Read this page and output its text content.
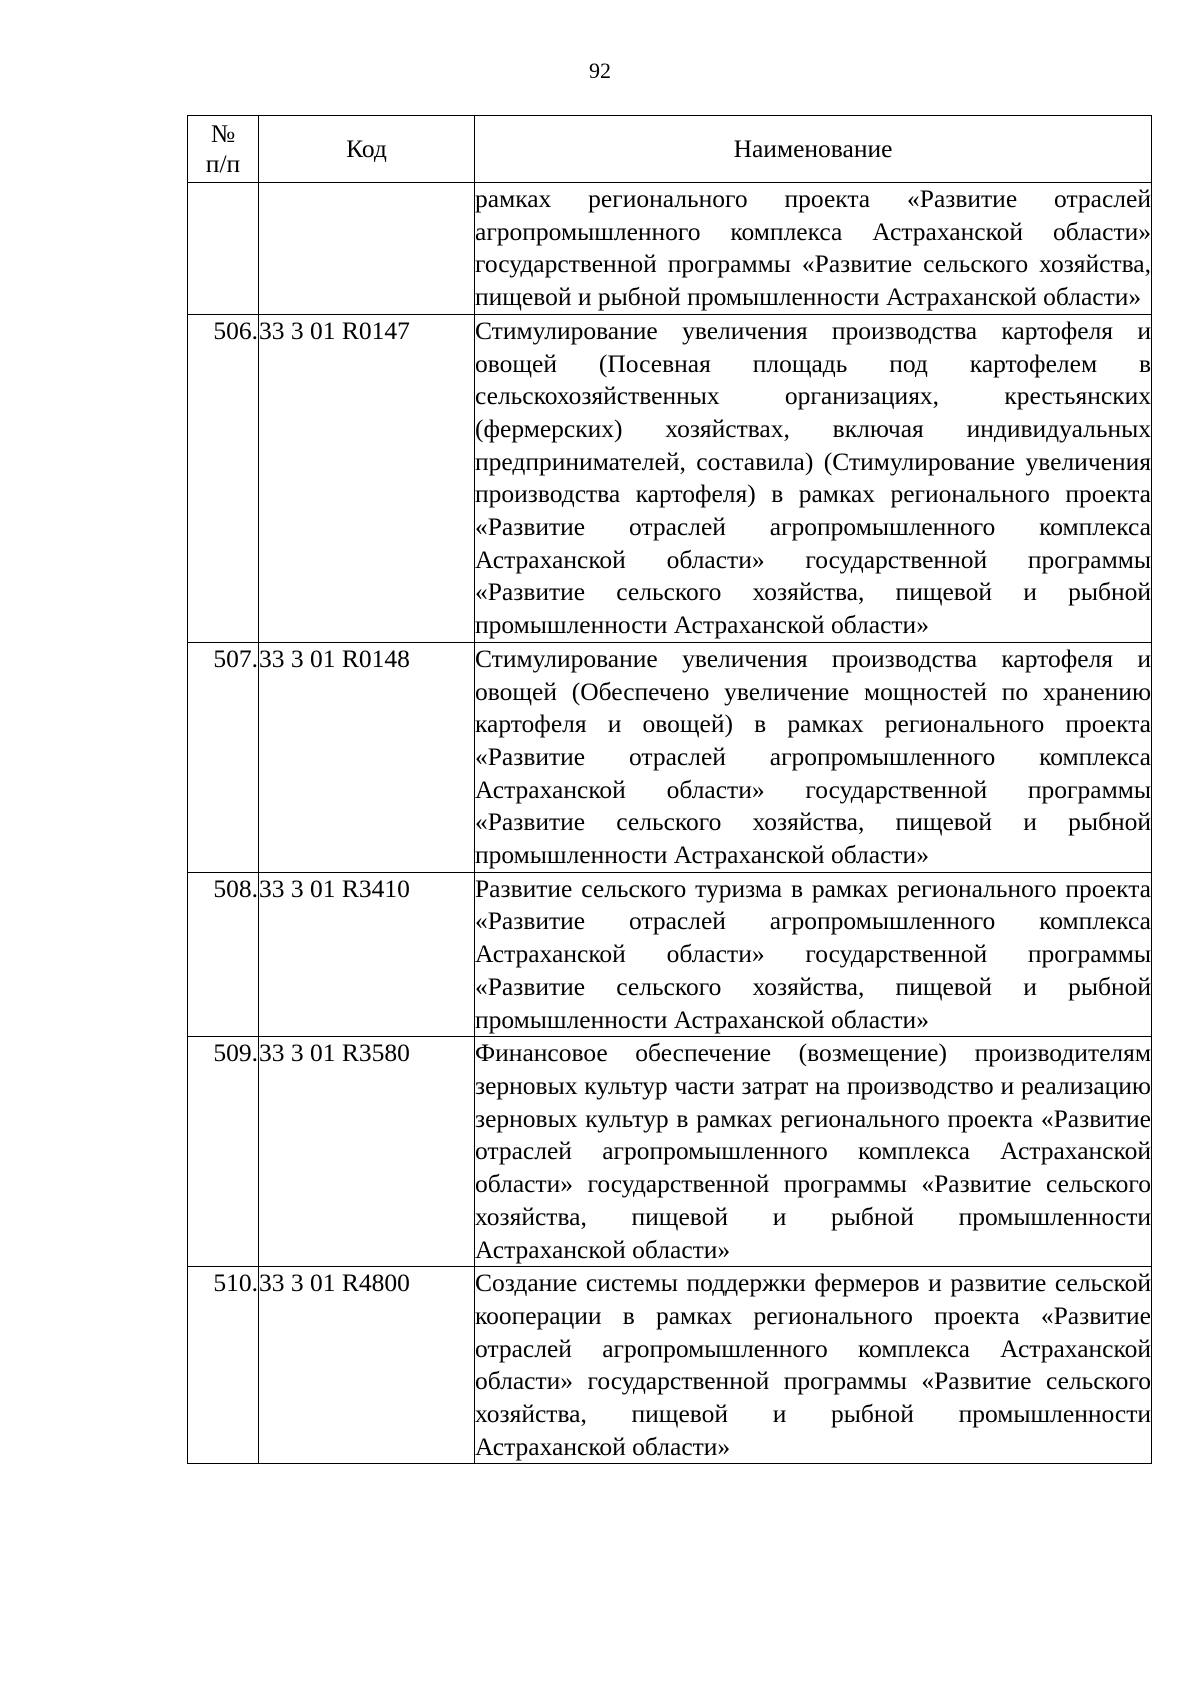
92
№
п/п	Код	Наименование
		рамках регионального проекта «Развитие отраслей агропромышленного комплекса Астраханской области» государственной программы «Развитие сельского хозяйства, пищевой и рыбной промышленности Астраханской области»
506.	33 3 01 R0147	Стимулирование увеличения производства картофеля и овощей (Посевная площадь под картофелем в сельскохозяйственных организациях, крестьянских (фермерских) хозяйствах, включая индивидуальных предпринимателей, составила) (Стимулирование увеличения производства картофеля) в рамках регионального проекта «Развитие отраслей агропромышленного комплекса Астраханской области» государственной программы «Развитие сельского хозяйства, пищевой и рыбной промышленности Астраханской области»
507.	33 3 01 R0148	Стимулирование увеличения производства картофеля и овощей (Обеспечено увеличение мощностей по хранению картофеля и овощей) в рамках регионального проекта «Развитие отраслей агропромышленного комплекса Астраханской области» государственной программы «Развитие сельского хозяйства, пищевой и рыбной промышленности Астраханской области»
508.	33 3 01 R3410	Развитие сельского туризма в рамках регионального проекта «Развитие отраслей агропромышленного комплекса Астраханской области» государственной программы «Развитие сельского хозяйства, пищевой и рыбной промышленности Астраханской области»
509.	33 3 01 R3580	Финансовое обеспечение (возмещение) производителям зерновых культур части затрат на производство и реализацию зерновых культур в рамках регионального проекта «Развитие отраслей агропромышленного комплекса Астраханской области» государственной программы «Развитие сельского хозяйства, пищевой и рыбной промышленности Астраханской области»
510.	33 3 01 R4800	Создание системы поддержки фермеров и развитие сельской кооперации в рамках регионального проекта «Развитие отраслей агропромышленного комплекса Астраханской области» государственной программы «Развитие сельского хозяйства, пищевой и рыбной промышленности Астраханской области»
